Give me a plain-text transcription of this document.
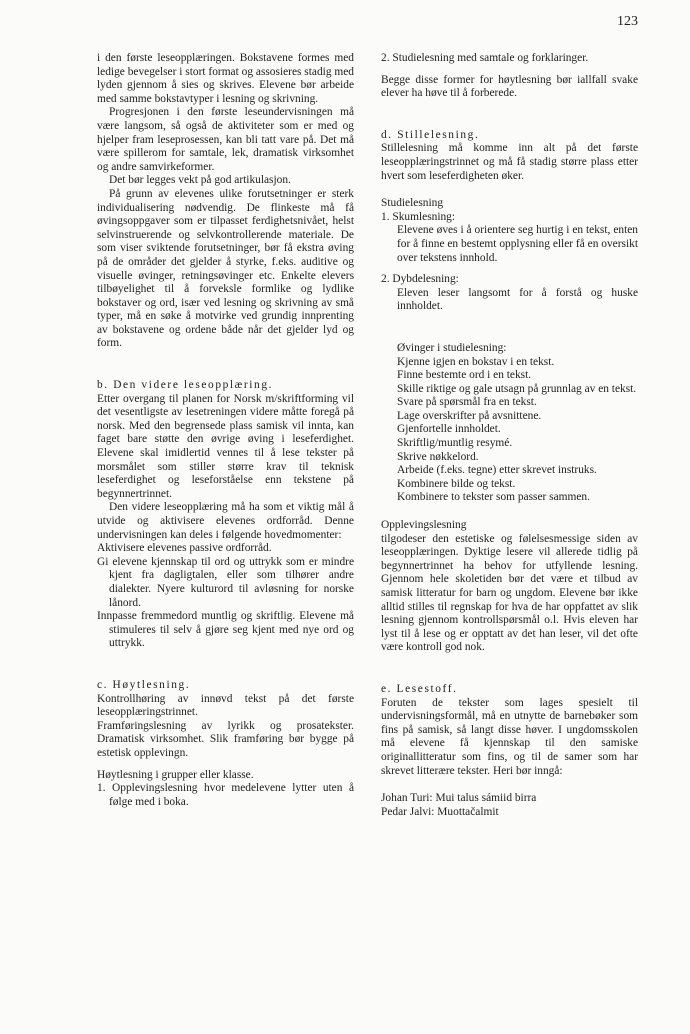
123

i den første leseopplæringen. Bokstavene formes med ledige bevegelser i stort format og assosieres stadig med lyden gjennom å sies og skrives. Elevene bør arbeide med samme bokstavtyper i lesning og skrivning.

Progresjonen i den første leseundervisningen må være langsom, så også de aktiviteter som er med og hjelper fram leseprosessen, kan bli tatt vare på. Det må være spillerom for samtale, lek, dramatisk virksomhet og andre samvirkeformer.

Det bør legges vekt på god artikulasjon.

På grunn av elevenes ulike forutsetninger er sterk individualisering nødvendig. De flinkeste må få øvingsoppgaver som er tilpasset ferdighetsnivået, helst selvinstruerende og selvkontrollerende materiale. De som viser sviktende forutsetninger, bør få ekstra øving på de områder det gjelder å styrke, f.eks. auditive og visuelle øvinger, retningsøvinger etc. Enkelte elevers tilbøyelighet til å forveksle formlike og lydlike bokstaver og ord, især ved lesning og skrivning av små typer, må en søke å motvirke ved grundig innprenting av bokstavene og ordene både når det gjelder lyd og form.

b. Den videre leseopplæring.

Etter overgang til planen for Norsk m/skriftforming vil det vesentligste av lesetreningen videre måtte foregå på norsk. Med den begrensede plass samisk vil innta, kan faget bare støtte den øvrige øving i leseferdighet. Elevene skal imidlertid vennes til å lese tekster på morsmålet som stiller større krav til teknisk leseferdighet og leseforståelse enn tekstene på begynnertrinnet.

Den videre leseopplæring må ha som et viktig mål å utvide og aktivisere elevenes ordforråd. Denne undervisningen kan deles i følgende hovedmomenter:

Aktivisere elevenes passive ordforråd.

Gi elevene kjennskap til ord og uttrykk som er mindre kjent fra dagligtalen, eller som tilhører andre dialekter. Nyere kulturord til avløsning for norske lånord.

Innpasse fremmedord muntlig og skriftlig. Elevene må stimuleres til selv å gjøre seg kjent med nye ord og uttrykk.

c. Høytlesning.

Kontrollhøring av innøvd tekst på det første leseopplæringstrinnet.

Framføringslesning av lyrikk og prosatekster. Dramatisk virksomhet. Slik framføring bør bygge på estetisk opplevingn.

Høytlesning i grupper eller klasse.

1. Opplevingslesning hvor medelevene lytter uten å følge med i boka.

2. Studielesning med samtale og forklaringer.

Begge disse former for høytlesning bør iallfall svake elever ha høve til å forberede.

d. Stillelesning.

Stillelesning må komme inn alt på det første leseopplæringstrinnet og må få stadig større plass etter hvert som leseferdigheten øker.

Studielesning

1. Skumlesning:

Elevene øves i å orientere seg hurtig i en tekst, enten for å finne en bestemt opplysning eller få en oversikt over tekstens innhold.

2. Dybdelesning:

Eleven leser langsomt for å forstå og huske innholdet.

Øvinger i studielesning:

Kjenne igjen en bokstav i en tekst.

Finne bestemte ord i en tekst.

Skille riktige og gale utsagn på grunnlag av en tekst.

Svare på spørsmål fra en tekst.

Lage overskrifter på avsnittene.

Gjenfortelle innholdet.

Skriftlig/muntlig resymé.

Skrive nøkkelord.

Arbeide (f.eks. tegne) etter skrevet instruks.

Kombinere bilde og tekst.

Kombinere to tekster som passer sammen.

Opplevingslesning

tilgodeser den estetiske og følelsesmessige siden av leseopplæringen. Dyktige lesere vil allerede tidlig på begynnertrinnet ha behov for utfyllende lesning. Gjennom hele skoletiden bør det være et tilbud av samisk litteratur for barn og ungdom. Elevene bør ikke alltid stilles til regnskap for hva de har oppfattet av slik lesning gjennom kontrollspørsmål o.l. Hvis eleven har lyst til å lese og er opptatt av det han leser, vil det ofte være kontroll god nok.

e. Lesestoff.

Foruten de tekster som lages spesielt til undervisningsformål, må en utnytte de barnebøker som fins på samisk, så langt disse høver. I ungdomsskolen må elevene få kjennskap til den samiske originallitteratur som fins, og til de samer som har skrevet litterære tekster. Heri bør inngå:

Johan Turi: Mui talus sámiid birra

Pedar Jalvi: Muottačalmit
